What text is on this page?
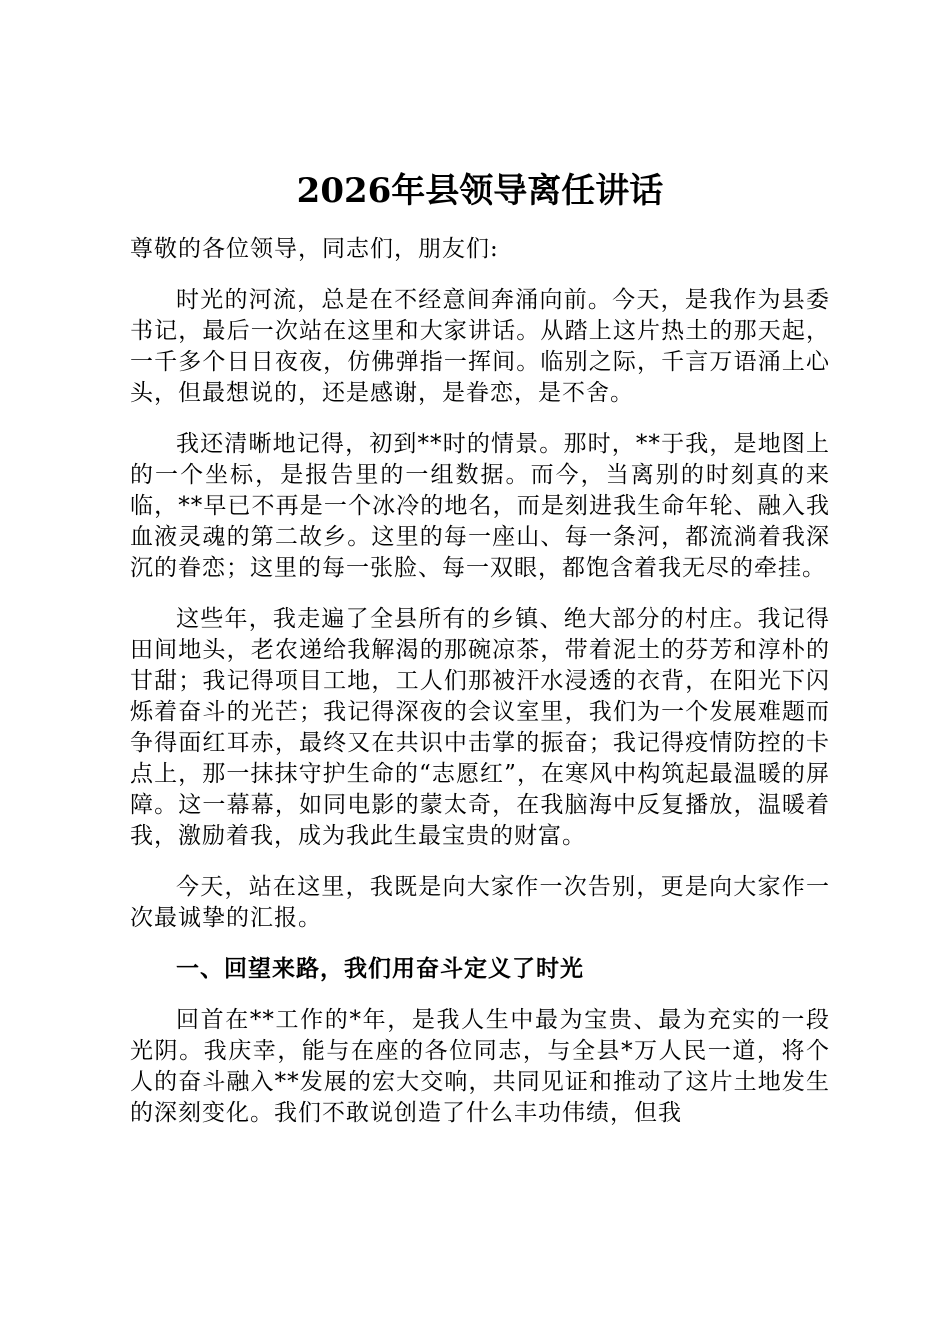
2026年县领导离任讲话
尊敬的各位领导，同志们，朋友们:

时光的河流，总是在不经意间奔涌向前。今天，是我作为县委书记，最后一次站在这里和大家讲话。从踏上这片热土的那天起，一千多个日日夜夜，仿佛弹指一挥间。临别之际，千言万语涌上心头，但最想说的，还是感谢，是眷恋，是不舍。

我还清晰地记得，初到**时的情景。那时，**于我，是地图上的一个坐标，是报告里的一组数据。而今，当离别的时刻真的来临，**早已不再是一个冰冷的地名，而是刻进我生命年轮、融入我血液灵魂的第二故乡。这里的每一座山、每一条河，都流淌着我深沉的眷恋；这里的每一张脸、每一双眼，都饱含着我无尽的牵挂。

这些年，我走遍了全县所有的乡镇、绝大部分的村庄。我记得田间地头，老农递给我解渴的那碗凉茶，带着泥土的芬芳和淳朴的甘甜；我记得项目工地，工人们那被汗水浸透的衣背，在阳光下闪烁着奋斗的光芒；我记得深夜的会议室里，我们为一个发展难题而争得面红耳赤，最终又在共识中击掌的振奋；我记得疫情防控的卡点上，那一抹抹守护生命的“志愿红”，在寒风中构筑起最温暖的屏障。这一幕幕，如同电影的蒙太奇，在我脑海中反复播放，温暖着我，激励着我，成为我此生最宝贵的财富。

今天，站在这里，我既是向大家作一次告别，更是向大家作一次最诚挚的汇报。

一、回望来路，我们用奋斗定义了时光

回首在**工作的*年，是我人生中最为宝贵、最为充实的一段光阴。我庆幸，能与在座的各位同志，与全县*万人民一道，将个人的奋斗融入**发展的宏大交响，共同见证和推动了这片土地发生的深刻变化。我们不敢说创造了什么丰功伟绩，但我
